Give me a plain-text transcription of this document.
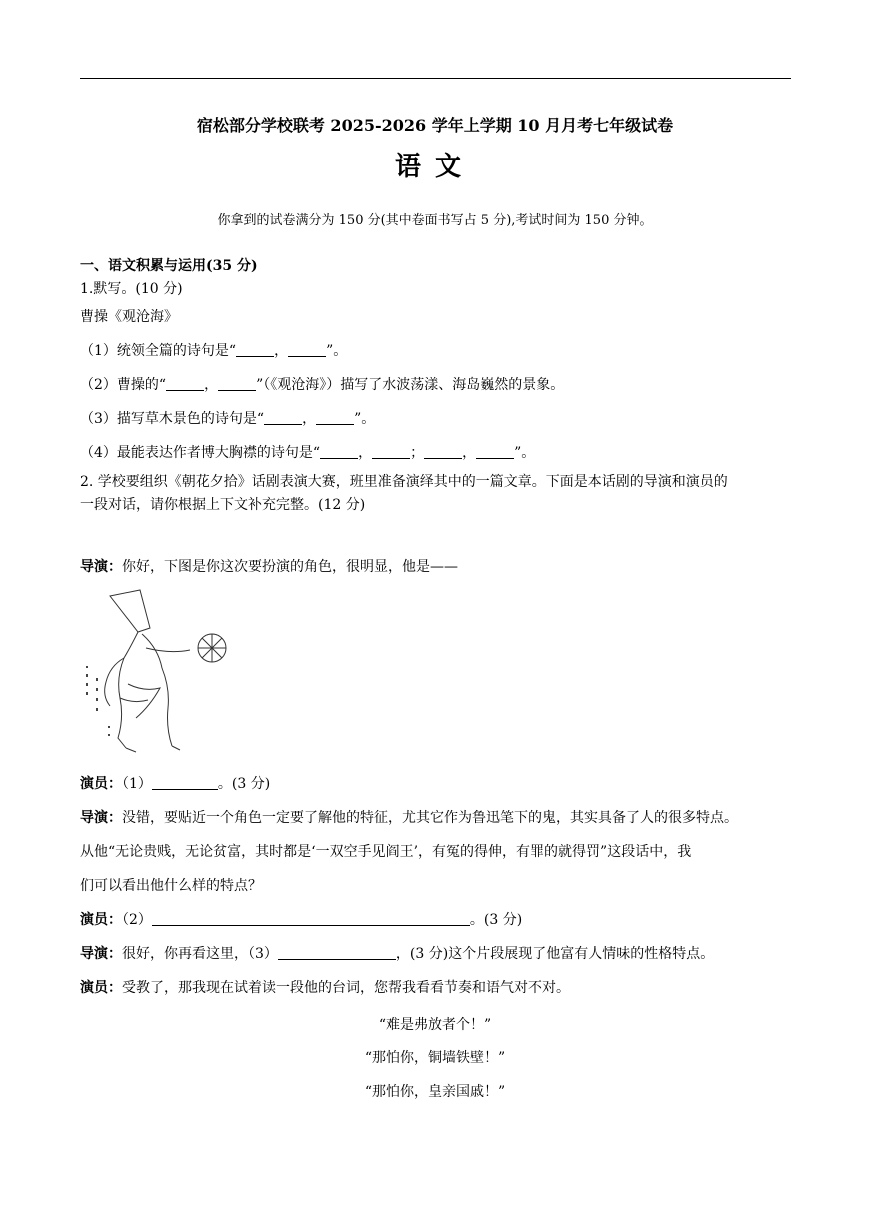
宿松部分学校联考 2025-2026 学年上学期 10 月月考七年级试卷
语文
你拿到的试卷满分为 150 分(其中卷面书写占 5 分),考试时间为 150 分钟。
一、语文积累与运用(35 分)
1.默写。(10 分)
曹操《观沧海》
（1）统领全篇的诗句是“	，	”。
（2）曹操的“	，	”（《观沧海》）描写了水波荡漾、海岛巍然的景象。
（3）描写草木景色的诗句是“	，	”。
（4）最能表达作者博大胸襟的诗句是“	，	；	，	”。
2. 学校要组织《朝花夕拾》话剧表演大赛，班里准备演绎其中的一篇文章。下面是本话剧的导演和演员的
一段对话，请你根据上下文补充完整。(12 分)
导演：你好，下图是你这次要扮演的角色，很明显，他是——
演员：（1）	。(3 分)
导演：没错，要贴近一个角色一定要了解他的特征，尤其它作为鲁迅笔下的鬼，其实具备了人的很多特点。
从他“无论贵贱，无论贫富，其时都是‘一双空手见阎王’，有冤的得伸，有罪的就得罚”这段话中，我
们可以看出他什么样的特点？
演员：（2）	。(3 分)
导演：很好，你再看这里，（3）	，(3 分)这个片段展现了他富有人情味的性格特点。
演员：受教了，那我现在试着读一段他的台词，您帮我看看节奏和语气对不对。
“难是弗放者个！”
“那怕你，铜墙铁壁！”
“那怕你，皇亲国戚！”
